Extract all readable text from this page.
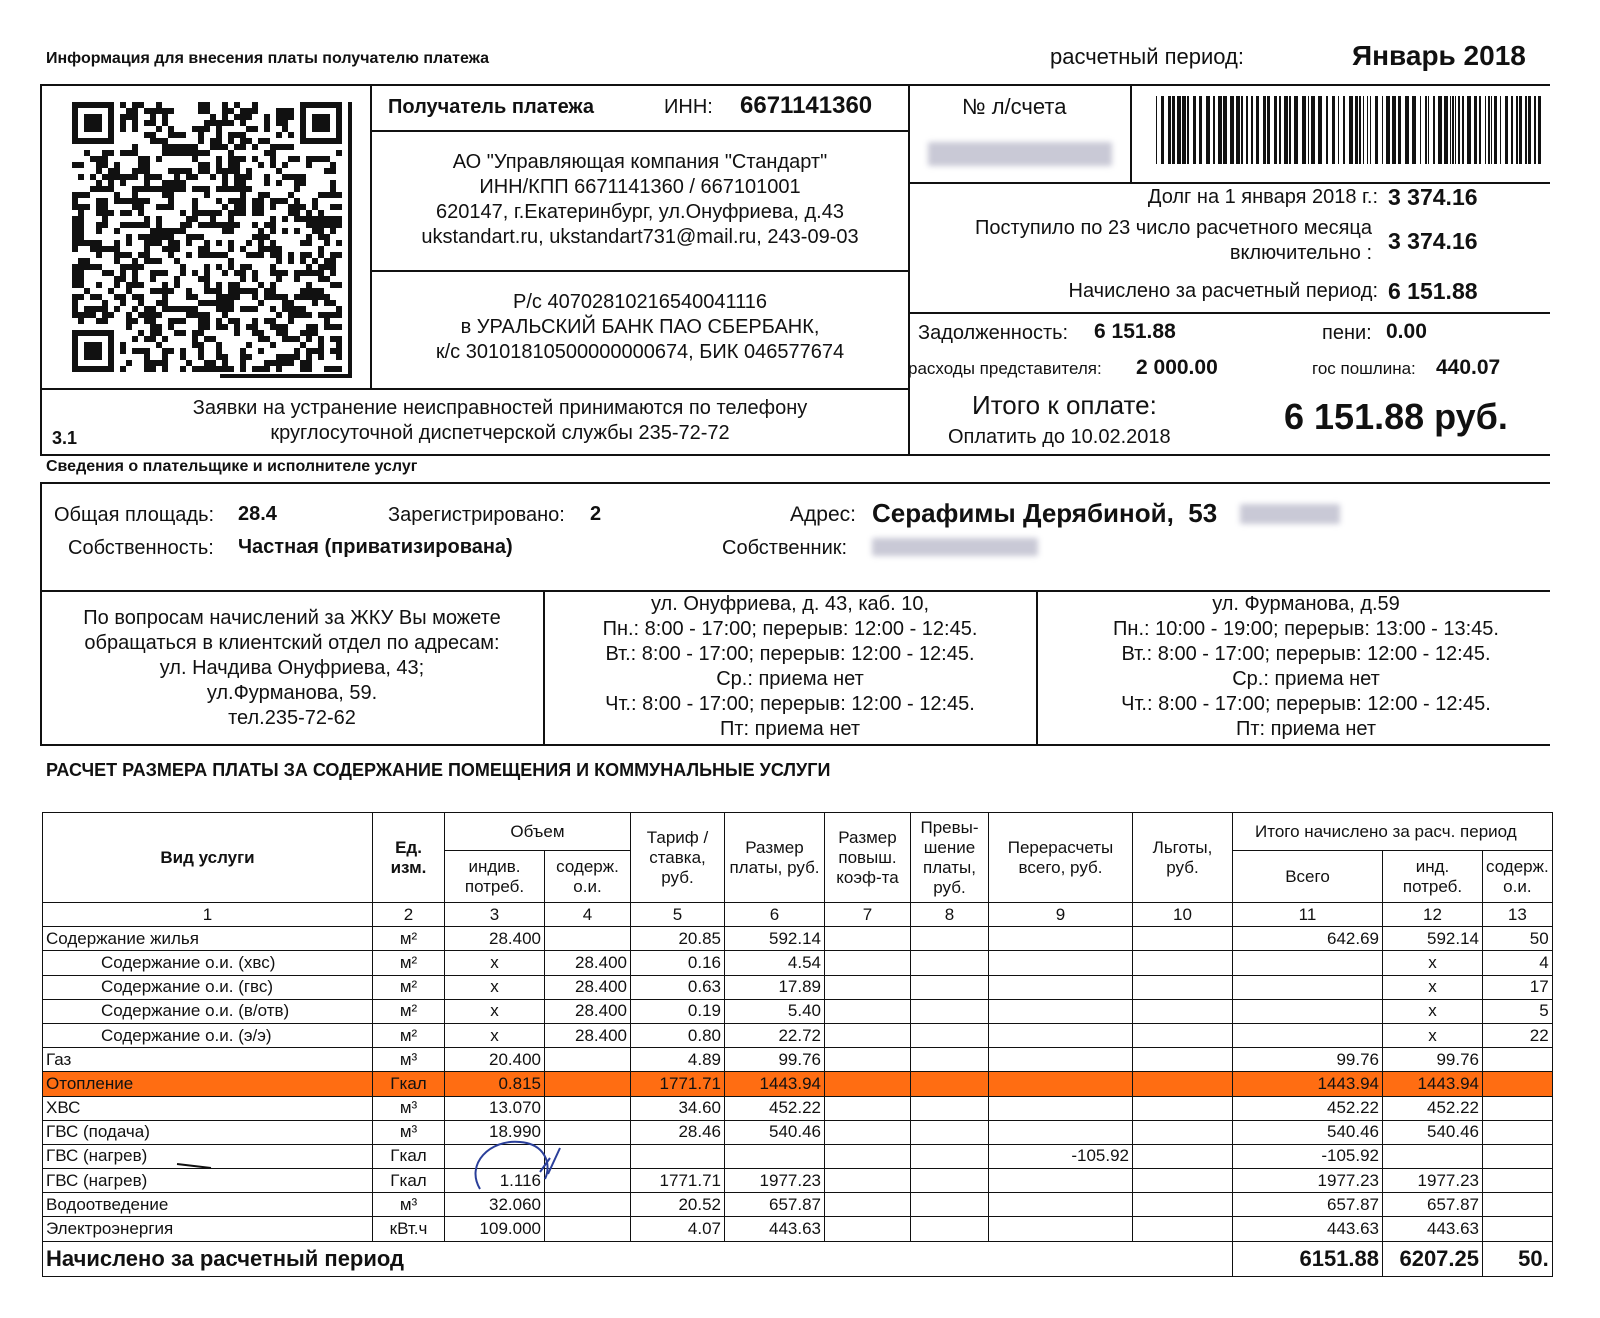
Информация для внесения платы получателю платежа	расчетный период:	Январь 2018
Получатель платежа	ИНН: 6671141360
АО "Управляющая компания "Стандарт"
ИНН/КПП 6671141360 / 667101001
620147, г.Екатеринбург, ул.Онуфриева, д.43
ukstandart.ru, ukstandart731@mail.ru, 243-09-03
Р/с 40702810216540041116
в УРАЛЬСКИЙ БАНК ПАО СБЕРБАНК,
к/с 30101810500000000674, БИК 046577674
№ л/счета
Долг на 1 января 2018 г.: 3 374.16
Поступило по 23 число расчетного месяца
включительно : 3 374.16
Начислено за расчетный период: 6 151.88
Задолженность: 6 151.88	пени: 0.00
расходы представителя: 2 000.00	гос пошлина: 440.07
Итого к оплате:	6 151.88 руб.
Оплатить до 10.02.2018
3.1
Заявки на устранение неисправностей принимаются по телефону
круглосуточной диспетчерской службы 235-72-72
Сведения о плательщике и исполнителе услуг
Общая площадь: 28.4	Зарегистрировано: 2	Адрес: Серафимы Дерябиной,  53
Собственность: Частная (приватизирована)	Собственник:
По вопросам начислений за ЖКУ Вы можете
обращаться в клиентский отдел по адресам:
ул. Начдива Онуфриева, 43;
ул.Фурманова, 59.
тел.235-72-62
ул. Онуфриева, д. 43, каб. 10,
Пн.: 8:00 - 17:00; перерыв: 12:00 - 12:45.
Вт.: 8:00 - 17:00; перерыв: 12:00 - 12:45.
Ср.: приема нет
Чт.: 8:00 - 17:00; перерыв: 12:00 - 12:45.
Пт: приема нет
ул. Фурманова, д.59
Пн.: 10:00 - 19:00; перерыв: 13:00 - 13:45.
Вт.: 8:00 - 17:00; перерыв: 12:00 - 12:45.
Ср.: приема нет
Чт.: 8:00 - 17:00; перерыв: 12:00 - 12:45.
Пт: приема нет
РАСЧЕТ РАЗМЕРА ПЛАТЫ ЗА СОДЕРЖАНИЕ ПОМЕЩЕНИЯ И КОММУНАЛЬНЫЕ УСЛУГИ
Вид услуги	Ед. изм.	Объем		Тариф / ставка, руб.	Размер платы, руб.	Размер повыш. коэф-та	Превы- шение платы, руб.	Перерасчеты всего, руб.	Льготы, руб.	Итого начислено за расч. период		
		индив. потреб.	содерж. о.и.							Всего	инд. потреб.	содерж. о.и.
1	2	3	4	5	6	7	8	9	10	11	12	13
Содержание жилья	м²	28.400		20.85	592.14					642.69	592.14	50
Содержание о.и. (хвс)	м²	x	28.400	0.16	4.54						x	4
Содержание о.и. (гвс)	м²	x	28.400	0.63	17.89						x	17
Содержание о.и. (в/отв)	м²	x	28.400	0.19	5.40						x	5
Содержание о.и. (э/э)	м²	x	28.400	0.80	22.72						x	22
Газ	м³	20.400		4.89	99.76					99.76	99.76	
Отопление	Гкал	0.815		1771.71	1443.94					1443.94	1443.94	
ХВС	м³	13.070		34.60	452.22					452.22	452.22	
ГВС (подача)	м³	18.990		28.46	540.46					540.46	540.46	
ГВС (нагрев)	Гкал							-105.92		-105.92		
ГВС (нагрев)	Гкал	1.116		1771.71	1977.23					1977.23	1977.23	
Водоотведение	м³	32.060		20.52	657.87					657.87	657.87	
Электроэнергия	кВт.ч	109.000		4.07	443.63					443.63	443.63	
Начислено за расчетный период										6151.88	6207.25	50.
